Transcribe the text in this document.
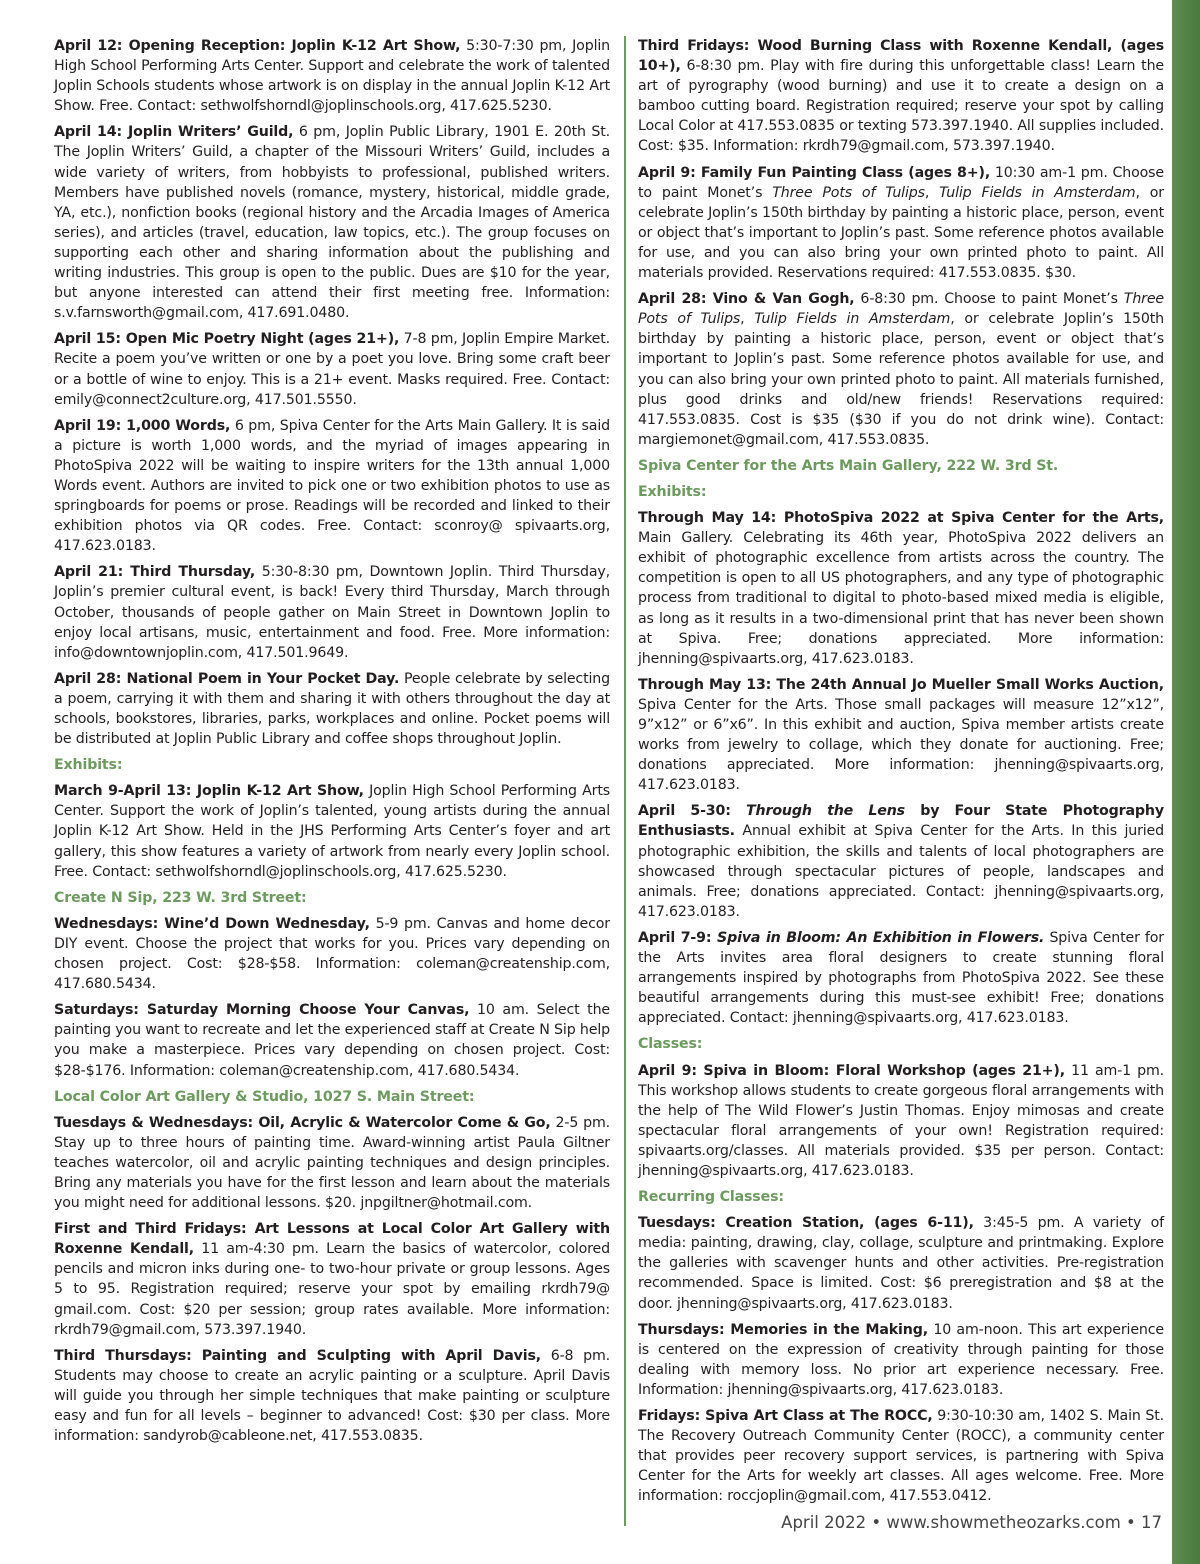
April 12: Opening Reception: Joplin K-12 Art Show, 5:30-7:30 pm, Joplin High School Performing Arts Center. Support and celebrate the work of talented Joplin Schools students whose artwork is on display in the annual Joplin K-12 Art Show. Free. Contact: sethwolfshorndl@joplinschools.org, 417.625.5230.

April 14: Joplin Writers’ Guild, 6 pm, Joplin Public Library, 1901 E. 20th St. The Joplin Writers’ Guild, a chapter of the Missouri Writers’ Guild, includes a wide variety of writers, from hobbyists to professional, published writers. Members have published novels (romance, mystery, historical, middle grade, YA, etc.), nonfiction books (regional history and the Arcadia Images of America series), and articles (travel, education, law topics, etc.). The group focuses on supporting each other and sharing information about the publishing and writing industries. This group is open to the public. Dues are $10 for the year, but anyone interested can attend their first meeting free. Information: s.v.farnsworth@gmail.com, 417.691.0480.

April 15: Open Mic Poetry Night (ages 21+), 7-8 pm, Joplin Empire Market. Recite a poem you’ve written or one by a poet you love. Bring some craft beer or a bottle of wine to enjoy. This is a 21+ event. Masks required. Free. Contact: emily@connect2culture.org, 417.501.5550.

April 19: 1,000 Words, 6 pm, Spiva Center for the Arts Main Gallery. It is said a picture is worth 1,000 words, and the myriad of images appearing in PhotoSpiva 2022 will be waiting to inspire writers for the 13th annual 1,000 Words event. Authors are invited to pick one or two exhibition photos to use as springboards for poems or prose. Readings will be recorded and linked to their exhibition photos via QR codes. Free. Contact: sconroy@ spivaarts.org, 417.623.0183.

April 21: Third Thursday, 5:30-8:30 pm, Downtown Joplin. Third Thursday, Joplin’s premier cultural event, is back! Every third Thursday, March through October, thousands of people gather on Main Street in Downtown Joplin to enjoy local artisans, music, entertainment and food. Free. More information: info@downtownjoplin.com, 417.501.9649.

April 28: National Poem in Your Pocket Day. People celebrate by selecting a poem, carrying it with them and sharing it with others throughout the day at schools, bookstores, libraries, parks, workplaces and online. Pocket poems will be distributed at Joplin Public Library and coffee shops throughout Joplin.

Exhibits:

March 9-April 13: Joplin K-12 Art Show, Joplin High School Performing Arts Center. Support the work of Joplin’s talented, young artists during the annual Joplin K-12 Art Show. Held in the JHS Performing Arts Center’s foyer and art gallery, this show features a variety of artwork from nearly every Joplin school. Free. Contact: sethwolfshorndl@joplinschools.org, 417.625.5230.

Create N Sip, 223 W. 3rd Street:

Wednesdays: Wine’d Down Wednesday, 5-9 pm. Canvas and home decor DIY event. Choose the project that works for you. Prices vary depending on chosen project. Cost: $28-$58. Information: coleman@createnship.com, 417.680.5434.

Saturdays: Saturday Morning Choose Your Canvas, 10 am. Select the painting you want to recreate and let the experienced staff at Create N Sip help you make a masterpiece. Prices vary depending on chosen project. Cost: $28-$176. Information: coleman@createnship.com, 417.680.5434.

Local Color Art Gallery & Studio, 1027 S. Main Street:

Tuesdays & Wednesdays: Oil, Acrylic & Watercolor Come & Go, 2-5 pm. Stay up to three hours of painting time. Award-winning artist Paula Giltner teaches watercolor, oil and acrylic painting techniques and design principles. Bring any materials you have for the first lesson and learn about the materials you might need for additional lessons. $20. jnpgiltner@hotmail.com.

First and Third Fridays: Art Lessons at Local Color Art Gallery with Roxenne Kendall, 11 am-4:30 pm. Learn the basics of watercolor, colored pencils and micron inks during one- to two-hour private or group lessons. Ages 5 to 95. Registration required; reserve your spot by emailing rkrdh79@ gmail.com. Cost: $20 per session; group rates available. More information: rkrdh79@gmail.com, 573.397.1940.

Third Thursdays: Painting and Sculpting with April Davis, 6-8 pm. Students may choose to create an acrylic painting or a sculpture. April Davis will guide you through her simple techniques that make painting or sculpture easy and fun for all levels – beginner to advanced! Cost: $30 per class. More information: sandyrob@cableone.net, 417.553.0835.

Third Fridays: Wood Burning Class with Roxenne Kendall, (ages 10+), 6-8:30 pm. Play with fire during this unforgettable class! Learn the art of pyrography (wood burning) and use it to create a design on a bamboo cutting board. Registration required; reserve your spot by calling Local Color at 417.553.0835 or texting 573.397.1940. All supplies included. Cost: $35. Information: rkrdh79@gmail.com, 573.397.1940.

April 9: Family Fun Painting Class (ages 8+), 10:30 am-1 pm. Choose to paint Monet’s Three Pots of Tulips, Tulip Fields in Amsterdam, or celebrate Joplin’s 150th birthday by painting a historic place, person, event or object that’s important to Joplin’s past. Some reference photos available for use, and you can also bring your own printed photo to paint. All materials provided. Reservations required: 417.553.0835. $30.

April 28: Vino & Van Gogh, 6-8:30 pm. Choose to paint Monet’s Three Pots of Tulips, Tulip Fields in Amsterdam, or celebrate Joplin’s 150th birthday by painting a historic place, person, event or object that’s important to Joplin’s past. Some reference photos available for use, and you can also bring your own printed photo to paint. All materials furnished, plus good drinks and old/new friends! Reservations required: 417.553.0835. Cost is $35 ($30 if you do not drink wine). Contact: margiemonet@gmail.com, 417.553.0835.

Spiva Center for the Arts Main Gallery, 222 W. 3rd St.
Exhibits:

Through May 14: PhotoSpiva 2022 at Spiva Center for the Arts, Main Gallery. Celebrating its 46th year, PhotoSpiva 2022 delivers an exhibit of photographic excellence from artists across the country. The competition is open to all US photographers, and any type of photographic process from traditional to digital to photo-based mixed media is eligible, as long as it results in a two-dimensional print that has never been shown at Spiva. Free; donations appreciated. More information: jhenning@spivaarts.org, 417.623.0183.

Through May 13: The 24th Annual Jo Mueller Small Works Auction, Spiva Center for the Arts. Those small packages will measure 12”x12”, 9”x12” or 6”x6”. In this exhibit and auction, Spiva member artists create works from jewelry to collage, which they donate for auctioning. Free; donations appreciated. More information: jhenning@spivaarts.org, 417.623.0183.

April 5-30: Through the Lens by Four State Photography Enthusiasts. Annual exhibit at Spiva Center for the Arts. In this juried photographic exhibition, the skills and talents of local photographers are showcased through spectacular pictures of people, landscapes and animals. Free; donations appreciated. Contact: jhenning@spivaarts.org, 417.623.0183.

April 7-9: Spiva in Bloom: An Exhibition in Flowers. Spiva Center for the Arts invites area floral designers to create stunning floral arrangements inspired by photographs from PhotoSpiva 2022. See these beautiful arrangements during this must-see exhibit! Free; donations appreciated. Contact: jhenning@spivaarts.org, 417.623.0183.

Classes:

April 9: Spiva in Bloom: Floral Workshop (ages 21+), 11 am-1 pm. This workshop allows students to create gorgeous floral arrangements with the help of The Wild Flower’s Justin Thomas. Enjoy mimosas and create spectacular floral arrangements of your own! Registration required: spivaarts.org/classes. All materials provided. $35 per person. Contact: jhenning@spivaarts.org, 417.623.0183.

Recurring Classes:

Tuesdays: Creation Station, (ages 6-11), 3:45-5 pm. A variety of media: painting, drawing, clay, collage, sculpture and printmaking. Explore the galleries with scavenger hunts and other activities. Pre-registration recommended. Space is limited. Cost: $6 preregistration and $8 at the door. jhenning@spivaarts.org, 417.623.0183.

Thursdays: Memories in the Making, 10 am-noon. This art experience is centered on the expression of creativity through painting for those dealing with memory loss. No prior art experience necessary. Free. Information: jhenning@spivaarts.org, 417.623.0183.

Fridays: Spiva Art Class at The ROCC, 9:30-10:30 am, 1402 S. Main St. The Recovery Outreach Community Center (ROCC), a community center that provides peer recovery support services, is partnering with Spiva Center for the Arts for weekly art classes. All ages welcome. Free. More information: roccjoplin@gmail.com, 417.553.0412.

April 2022 • www.showmetheozarks.com • 17
